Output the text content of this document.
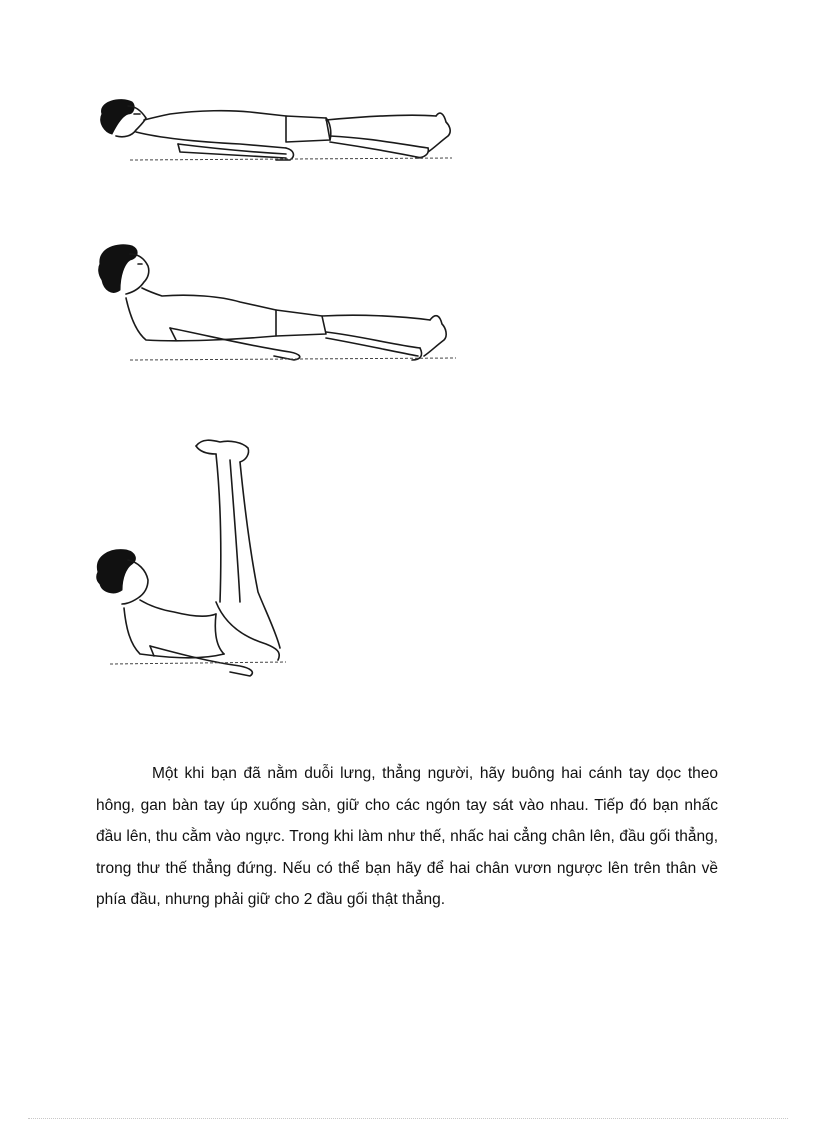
Một khi bạn đã nằm duỗi lưng, thẳng người, hãy buông hai cánh tay dọc theo hông, gan bàn tay úp xuống sàn, giữ cho các ngón tay sát vào nhau. Tiếp đó bạn nhấc đầu lên, thu cằm vào ngực. Trong khi làm như thế, nhấc hai cẳng chân lên, đầu gối thẳng, trong thư thế thẳng đứng. Nếu có thể bạn hãy để hai chân vươn ngược lên trên thân về phía đầu, nhưng phải giữ cho 2 đầu gối thật thẳng.
